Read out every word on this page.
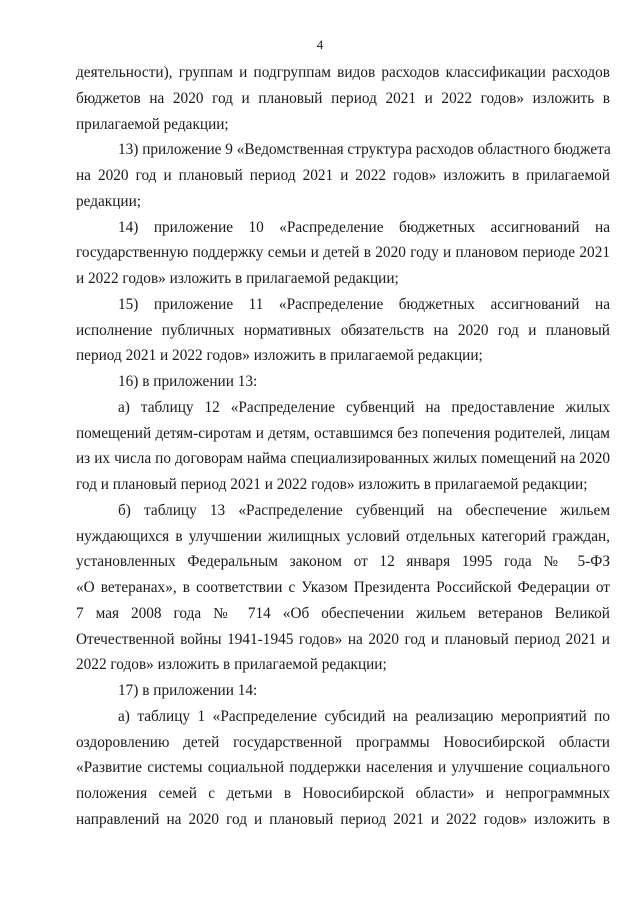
4

деятельности), группам и подгруппам видов расходов классификации расходов
бюджетов на 2020 год и плановый период 2021 и 2022 годов» изложить в
прилагаемой редакции;

13) приложение 9 «Ведомственная структура расходов областного бюджета
на 2020 год и плановый период 2021 и 2022 годов» изложить в прилагаемой
редакции;

14) приложение 10 «Распределение бюджетных ассигнований на
государственную поддержку семьи и детей в 2020 году и плановом периоде 2021
и 2022 годов» изложить в прилагаемой редакции;

15) приложение 11 «Распределение бюджетных ассигнований на
исполнение публичных нормативных обязательств на 2020 год и плановый
период 2021 и 2022 годов» изложить в прилагаемой редакции;

16) в приложении 13:

а) таблицу 12 «Распределение субвенций на предоставление жилых
помещений детям-сиротам и детям, оставшимся без попечения родителей, лицам
из их числа по договорам найма специализированных жилых помещений на 2020
год и плановый период 2021 и 2022 годов» изложить в прилагаемой редакции;

б) таблицу 13 «Распределение субвенций на обеспечение жильем
нуждающихся в улучшении жилищных условий отдельных категорий граждан,
установленных Федеральным законом от 12 января 1995 года № 5-ФЗ
«О ветеранах», в соответствии с Указом Президента Российской Федерации от
7 мая 2008 года № 714 «Об обеспечении жильем ветеранов Великой
Отечественной войны 1941-1945 годов» на 2020 год и плановый период 2021 и
2022 годов» изложить в прилагаемой редакции;

17) в приложении 14:

а) таблицу 1 «Распределение субсидий на реализацию мероприятий по
оздоровлению детей государственной программы Новосибирской области
«Развитие системы социальной поддержки населения и улучшение социального
положения семей с детьми в Новосибирской области» и непрограммных
направлений на 2020 год и плановый период 2021 и 2022 годов» изложить в
